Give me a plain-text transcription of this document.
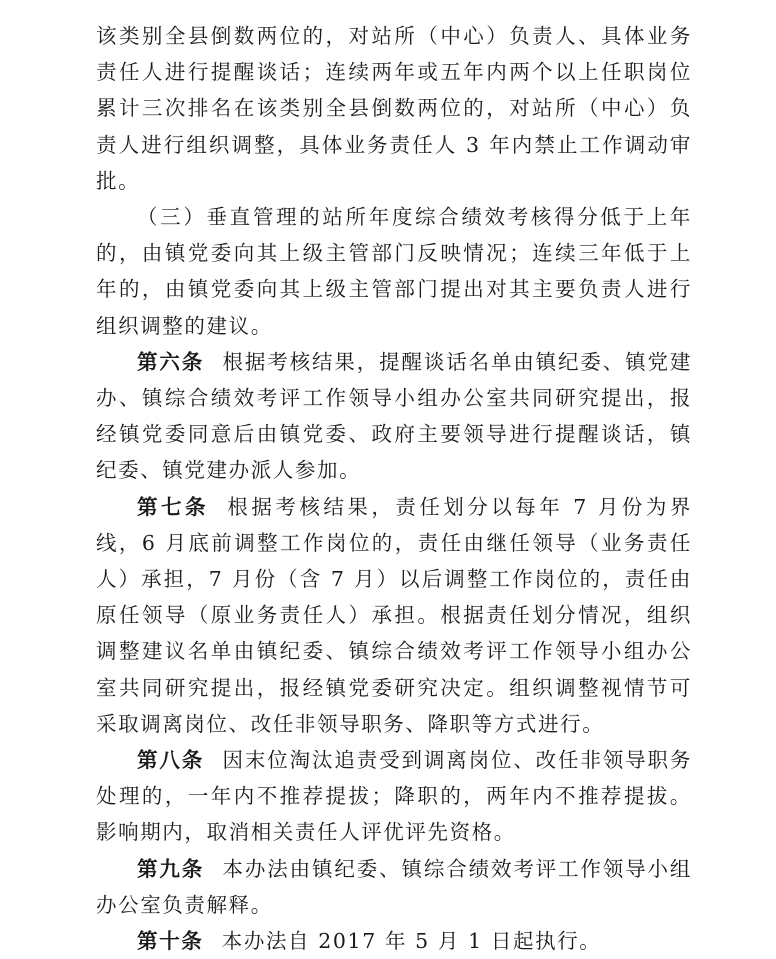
该类别全县倒数两位的，对站所（中心）负责人、具体业务责任人进行提醒谈话；连续两年或五年内两个以上任职岗位累计三次排名在该类别全县倒数两位的，对站所（中心）负责人进行组织调整，具体业务责任人 3 年内禁止工作调动审批。

（三）垂直管理的站所年度综合绩效考核得分低于上年的，由镇党委向其上级主管部门反映情况；连续三年低于上年的，由镇党委向其上级主管部门提出对其主要负责人进行组织调整的建议。

第六条 根据考核结果，提醒谈话名单由镇纪委、镇党建办、镇综合绩效考评工作领导小组办公室共同研究提出，报经镇党委同意后由镇党委、政府主要领导进行提醒谈话，镇纪委、镇党建办派人参加。

第七条 根据考核结果，责任划分以每年 7 月份为界线，6 月底前调整工作岗位的，责任由继任领导（业务责任人）承担，7 月份（含 7 月）以后调整工作岗位的，责任由原任领导（原业务责任人）承担。根据责任划分情况，组织调整建议名单由镇纪委、镇综合绩效考评工作领导小组办公室共同研究提出，报经镇党委研究决定。组织调整视情节可采取调离岗位、改任非领导职务、降职等方式进行。

第八条 因末位淘汰追责受到调离岗位、改任非领导职务处理的，一年内不推荐提拔；降职的，两年内不推荐提拔。影响期内，取消相关责任人评优评先资格。

第九条 本办法由镇纪委、镇综合绩效考评工作领导小组办公室负责解释。

第十条 本办法自 2017 年 5 月 1 日起执行。
